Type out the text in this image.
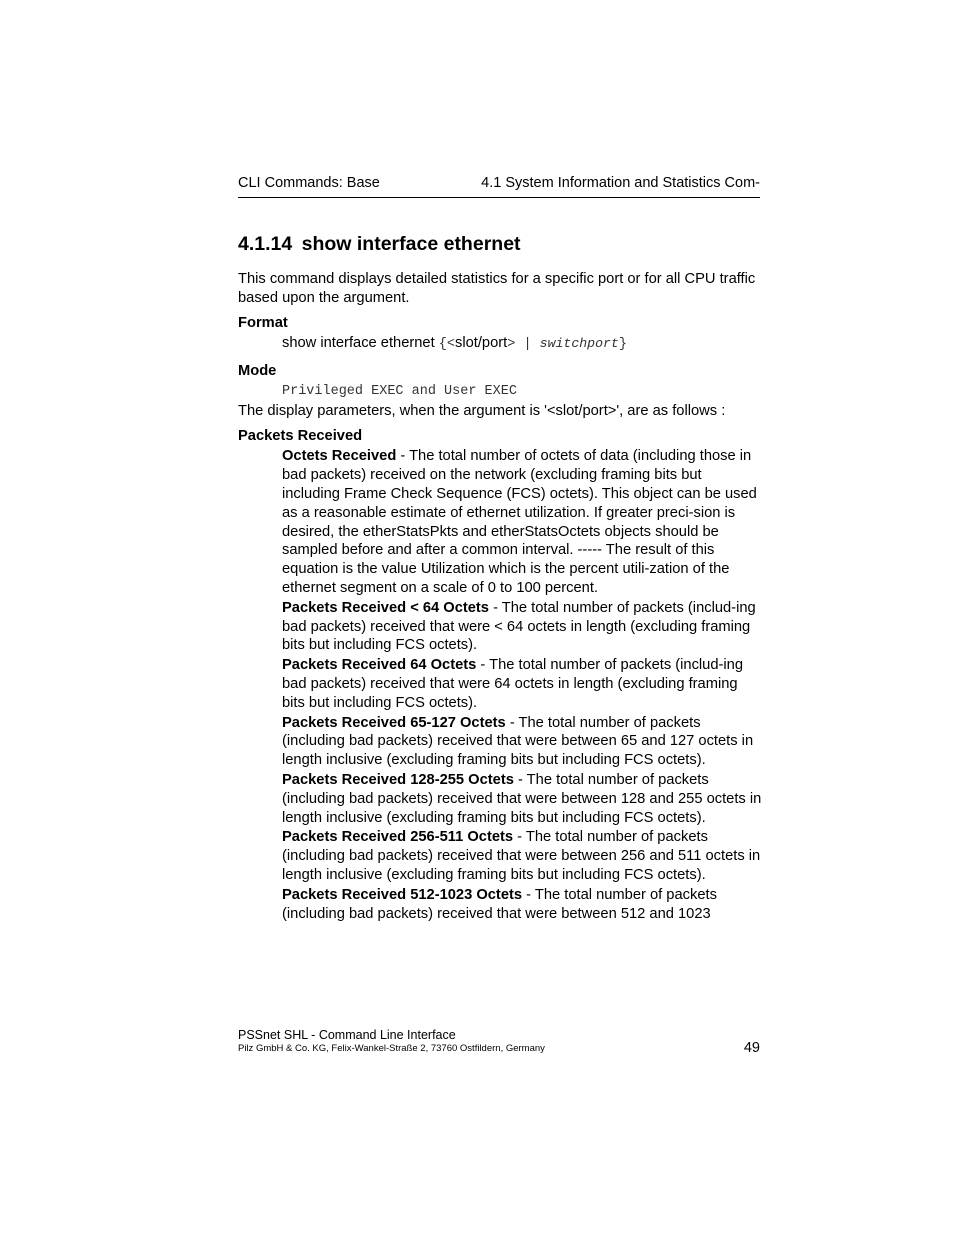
CLI Commands: Base	4.1 System Information and Statistics Com-
4.1.14 show interface ethernet

This command displays detailed statistics for a specific port or for all CPU traffic based upon the argument.

Format

show interface ethernet {<slot/port> | switchport}

Mode

Privileged EXEC and User EXEC

The display parameters, when the argument is '<slot/port>', are as follows :

Packets Received

Octets Received - The total number of octets of data (including those in bad packets) received on the network (excluding framing bits but including Frame Check Sequence (FCS) octets). This object can be used as a reasonable estimate of ethernet utilization. If greater preci-sion is desired, the etherStatsPkts and etherStatsOctets objects should be sampled before and after a common interval. ----- The result of this equation is the value Utilization which is the percent utili-zation of the ethernet segment on a scale of 0 to 100 percent.

Packets Received < 64 Octets - The total number of packets (includ-ing bad packets) received that were < 64 octets in length (excluding framing bits but including FCS octets).

Packets Received 64 Octets - The total number of packets (includ-ing bad packets) received that were 64 octets in length (excluding framing bits but including FCS octets).

Packets Received 65-127 Octets - The total number of packets (including bad packets) received that were between 65 and 127 octets in length inclusive (excluding framing bits but including FCS octets).

Packets Received 128-255 Octets - The total number of packets (including bad packets) received that were between 128 and 255 octets in length inclusive (excluding framing bits but including FCS octets).

Packets Received 256-511 Octets - The total number of packets (including bad packets) received that were between 256 and 511 octets in length inclusive (excluding framing bits but including FCS octets).

Packets Received 512-1023 Octets - The total number of packets (including bad packets) received that were between 512 and 1023

PSSnet SHL - Command Line Interface
Pilz GmbH & Co. KG, Felix-Wankel-Straße 2, 73760 Ostfildern, Germany	49
